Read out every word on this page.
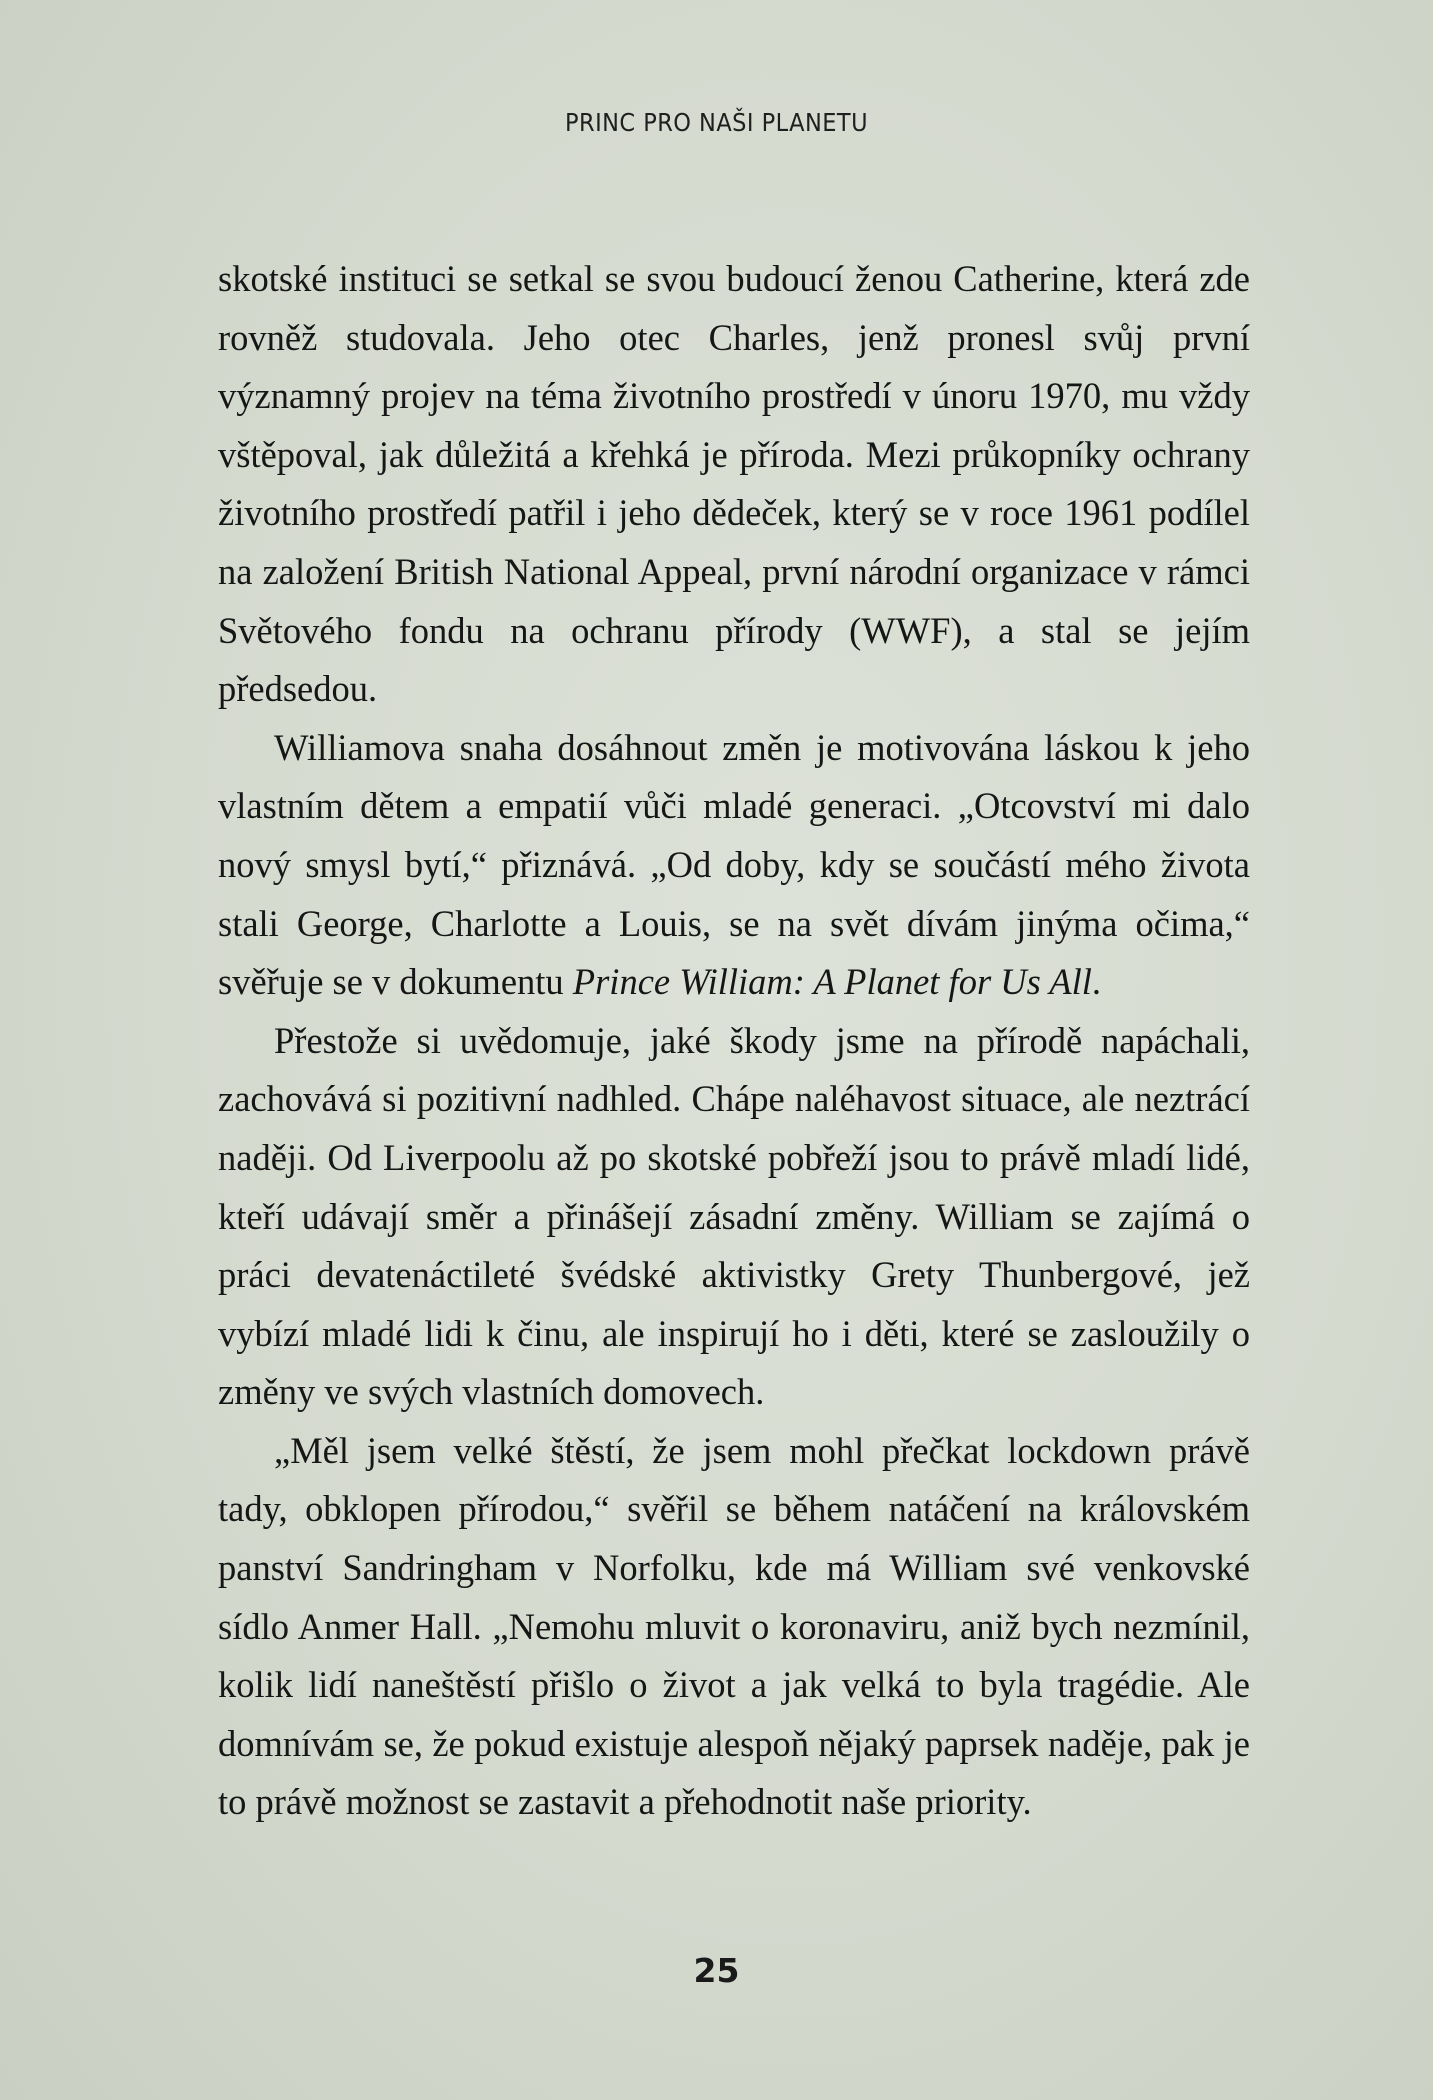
PRINC PRO NAŠI PLANETU

skotské instituci se setkal se svou budoucí ženou Catherine, která zde rovněž studovala. Jeho otec Charles, jenž pronesl svůj první významný projev na téma životního prostředí v únoru 1970, mu vždy vštěpoval, jak důležitá a křehká je příroda. Mezi průkopníky ochrany životního prostředí patřil i jeho dědeček, který se v roce 1961 podílel na založení British National Appeal, první národní organizace v rámci Světového fondu na ochranu přírody (WWF), a stal se jejím předsedou.

Williamova snaha dosáhnout změn je motivována láskou k jeho vlastním dětem a empatií vůči mladé generaci. „Otcovství mi dalo nový smysl bytí,“ přiznává. „Od doby, kdy se součástí mého života stali George, Charlotte a Louis, se na svět dívám jinýma očima,“ svěřuje se v dokumentu Prince William: A Planet for Us All.

Přestože si uvědomuje, jaké škody jsme na přírodě napáchali, zachovává si pozitivní nadhled. Chápe naléhavost situace, ale neztrácí naději. Od Liverpoolu až po skotské pobřeží jsou to právě mladí lidé, kteří udávají směr a přinášejí zásadní změny. William se zajímá o práci devatenáctileté švédské aktivistky Grety Thunbergové, jež vybízí mladé lidi k činu, ale inspirují ho i děti, které se zasloužily o změny ve svých vlastních domovech.

„Měl jsem velké štěstí, že jsem mohl přečkat lockdown právě tady, obklopen přírodou,“ svěřil se během natáčení na královském panství Sandringham v Norfolku, kde má William své venkovské sídlo Anmer Hall. „Nemohu mluvit o koronaviru, aniž bych nezmínil, kolik lidí naneštěstí přišlo o život a jak velká to byla tragédie. Ale domnívám se, že pokud existuje alespoň nějaký paprsek naděje, pak je to právě možnost se zastavit a přehodnotit naše priority.

25
